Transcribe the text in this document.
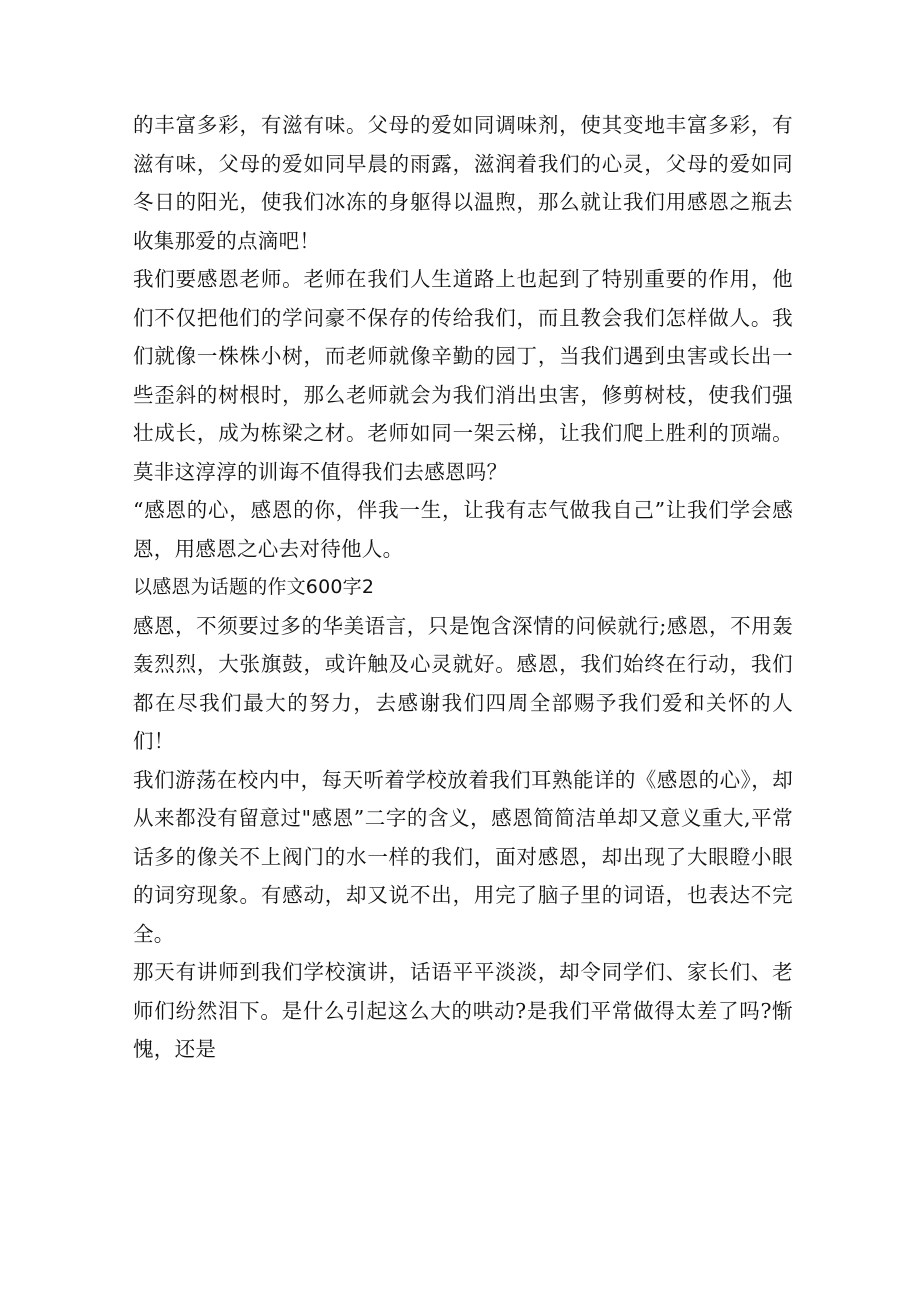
的丰富多彩，有滋有味。父母的爱如同调味剂，使其变地丰富多彩，有滋有味，父母的爱如同早晨的雨露，滋润着我们的心灵，父母的爱如同冬日的阳光，使我们冰冻的身躯得以温煦，那么就让我们用感恩之瓶去收集那爱的点滴吧！

我们要感恩老师。老师在我们人生道路上也起到了特别重要的作用，他们不仅把他们的学问豪不保存的传给我们，而且教会我们怎样做人。我们就像一株株小树，而老师就像辛勤的园丁，当我们遇到虫害或长出一些歪斜的树根时，那么老师就会为我们消出虫害，修剪树枝，使我们强壮成长，成为栋梁之材。老师如同一架云梯，让我们爬上胜利的顶端。莫非这淳淳的训诲不值得我们去感恩吗？

“感恩的心，感恩的你，伴我一生，让我有志气做我自己”让我们学会感恩，用感恩之心去对待他人。

以感恩为话题的作文600字2

感恩，不须要过多的华美语言，只是饱含深情的问候就行;感恩，不用轰轰烈烈，大张旗鼓，或许触及心灵就好。感恩，我们始终在行动，我们都在尽我们最大的努力，去感谢我们四周全部赐予我们爱和关怀的人们！

我们游荡在校内中，每天听着学校放着我们耳熟能详的《感恩的心》，却从来都没有留意过"感恩”二字的含义，感恩简简洁单却又意义重大,平常话多的像关不上阀门的水一样的我们，面对感恩，却出现了大眼瞪小眼的词穷现象。有感动，却又说不出，用完了脑子里的词语，也表达不完全。

那天有讲师到我们学校演讲，话语平平淡淡，却令同学们、家长们、老师们纷然泪下。是什么引起这么大的哄动?是我们平常做得太差了吗?惭愧，还是
